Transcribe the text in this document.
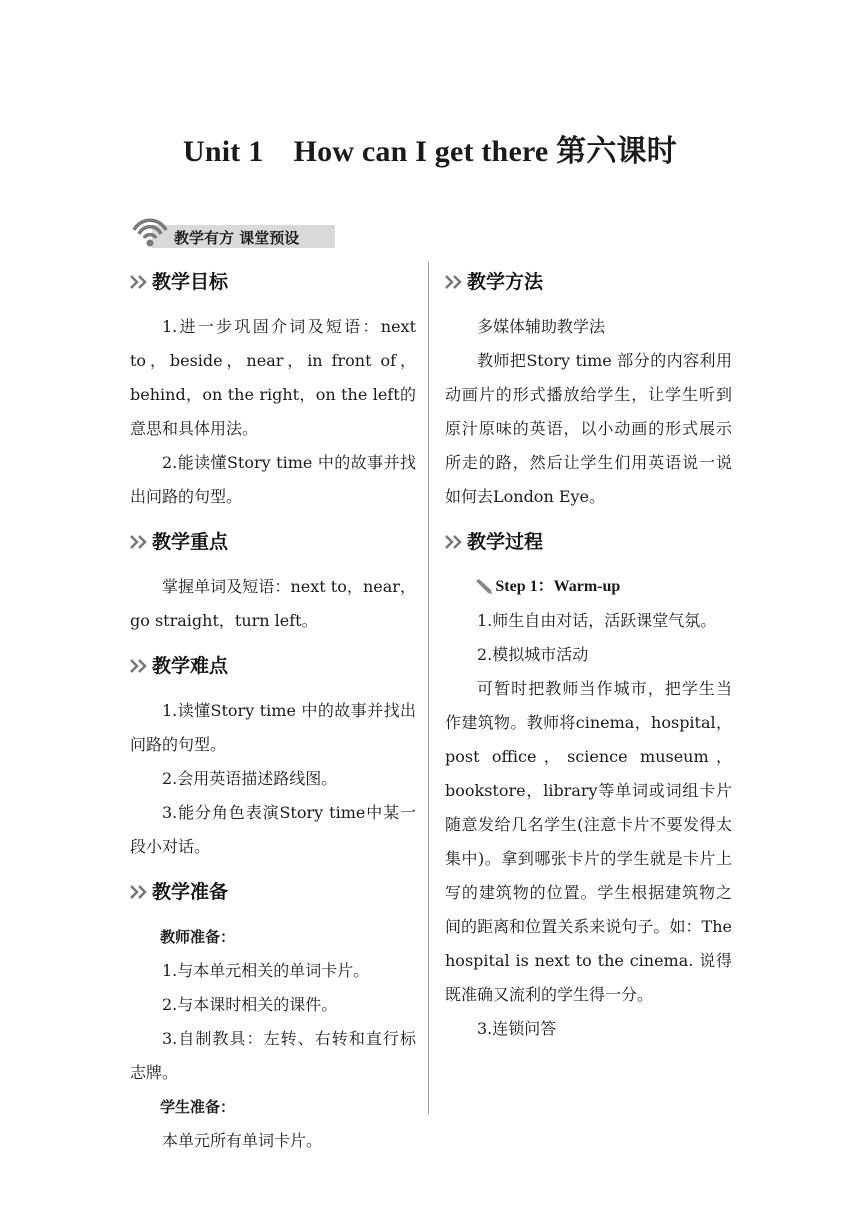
Unit 1　How can I get there 第六课时
教学有方 课堂预设
教学目标

1.进一步巩固介词及短语：next to，beside，near，in front of，behind，on the right，on the left的意思和具体用法。

2.能读懂Story time 中的故事并找出问路的句型。

教学重点

掌握单词及短语：next to，near，go straight，turn left。

教学难点

1.读懂Story time 中的故事并找出问路的句型。

2.会用英语描述路线图。

3.能分角色表演Story time中某一段小对话。

教学准备

教师准备：

1.与本单元相关的单词卡片。

2.与本课时相关的课件。

3.自制教具：左转、右转和直行标志牌。

学生准备：

本单元所有单词卡片。

教学方法

多媒体辅助教学法

教师把Story time 部分的内容利用动画片的形式播放给学生，让学生听到原汁原味的英语，以小动画的形式展示所走的路，然后让学生们用英语说一说如何去London Eye。

教学过程

Step 1：Warm-up

1.师生自由对话，活跃课堂气氛。

2.模拟城市活动

可暂时把教师当作城市，把学生当作建筑物。教师将cinema，hospital，post office，science museum，bookstore，library等单词或词组卡片随意发给几名学生(注意卡片不要发得太集中)。拿到哪张卡片的学生就是卡片上写的建筑物的位置。学生根据建筑物之间的距离和位置关系来说句子。如：The hospital is next to the cinema. 说得既准确又流利的学生得一分。

3.连锁问答
